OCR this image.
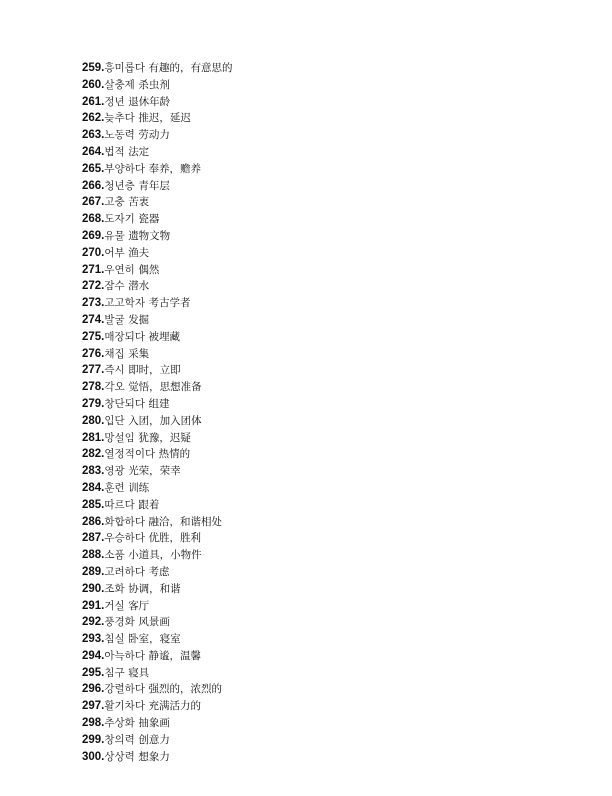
259.흥미롭다 有趣的，有意思的
260.살충제 杀虫剂
261.정년 退休年龄
262.늦추다 推迟，延迟
263.노동력 劳动力
264.법적 法定
265.부양하다 奉养，赡养
266.청년층 青年层
267.고충 苦衷
268.도자기 瓷器
269.유물 遗物文物
270.어부 渔夫
271.우연히 偶然
272.잠수 潜水
273.고고학자 考古学者
274.발굴 发掘
275.매장되다 被埋藏
276.채집 采集
277.즉시 即时，立即
278.각오 觉悟，思想准备
279.창단되다 组建
280.입단 入团，加入团体
281.망설임 犹豫，迟疑
282.열정적이다 热情的
283.영광 光荣，荣幸
284.훈련 训练
285.따르다 跟着
286.화합하다 融洽，和谐相处
287.우승하다 优胜，胜利
288.소품 小道具，小物件
289.고려하다 考虑
290.조화 协调，和谐
291.거실 客厅
292.풍경화 风景画
293.침실 卧室，寝室
294.아늑하다 静谧，温馨
295.침구 寝具
296.강렬하다 强烈的，浓烈的
297.활기차다 充满活力的
298.추상화 抽象画
299.창의력 创意力
300.상상력 想象力
